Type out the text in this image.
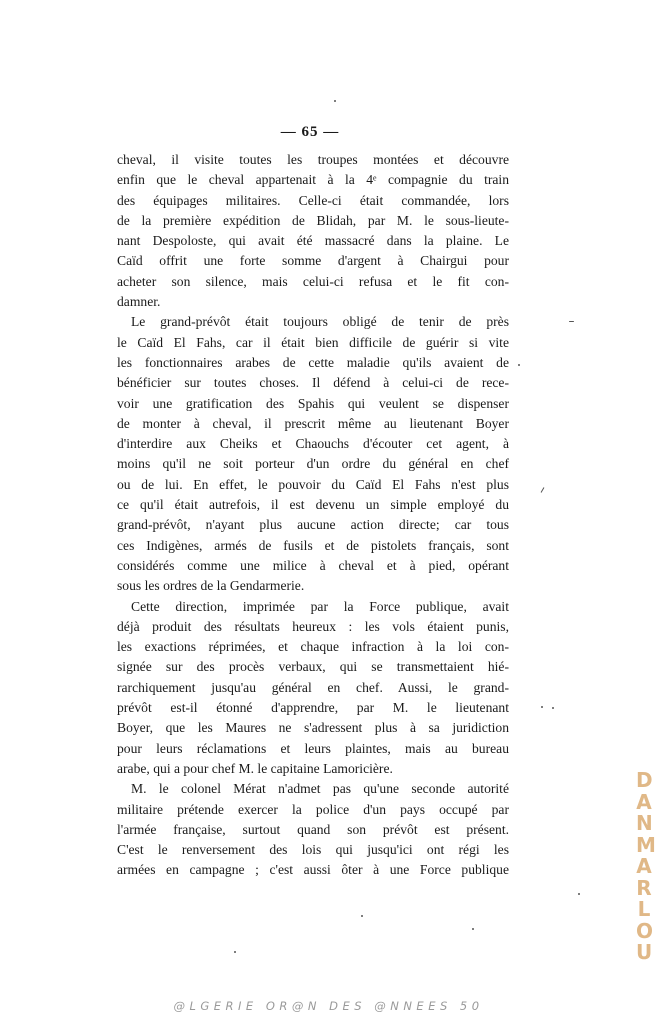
— 65 —
cheval, il visite toutes les troupes montées et découvre
enfin que le cheval appartenait à la 4ᵉ compagnie du train
des équipages militaires. Celle-ci était commandée, lors
de la première expédition de Blidah, par M. le sous-lieute-
nant Despoloste, qui avait été massacré dans la plaine. Le
Caïd offrit une forte somme d'argent à Chairgui pour
acheter son silence, mais celui-ci refusa et le fit con-
damner.
Le grand-prévôt était toujours obligé de tenir de près
le Caïd El Fahs, car il était bien difficile de guérir si vite
les fonctionnaires arabes de cette maladie qu'ils avaient de
bénéficier sur toutes choses. Il défend à celui-ci de rece-
voir une gratification des Spahis qui veulent se dispenser
de monter à cheval, il prescrit même au lieutenant Boyer
d'interdire aux Cheiks et Chaouchs d'écouter cet agent, à
moins qu'il ne soit porteur d'un ordre du général en chef
ou de lui. En effet, le pouvoir du Caïd El Fahs n'est plus
ce qu'il était autrefois, il est devenu un simple employé du
grand-prévôt, n'ayant plus aucune action directe; car tous
ces Indigènes, armés de fusils et de pistolets français, sont
considérés comme une milice à cheval et à pied, opérant
sous les ordres de la Gendarmerie.
Cette direction, imprimée par la Force publique, avait
déjà produit des résultats heureux : les vols étaient punis,
les exactions réprimées, et chaque infraction à la loi con-
signée sur des procès verbaux, qui se transmettaient hié-
rarchiquement jusqu'au général en chef. Aussi, le grand-
prévôt est-il étonné d'apprendre, par M. le lieutenant
Boyer, que les Maures ne s'adressent plus à sa juridiction
pour leurs réclamations et leurs plaintes, mais au bureau
arabe, qui a pour chef M. le capitaine Lamoricière.
M. le colonel Mérat n'admet pas qu'une seconde autorité
militaire prétende exercer la police d'un pays occupé par
l'armée française, surtout quand son prévôt est présent.
C'est le renversement des lois qui jusqu'ici ont régi les
armées en campagne ; c'est aussi ôter à une Force publique
DANMARLOU
@LGERIE OR@N DES @NNEES 50
